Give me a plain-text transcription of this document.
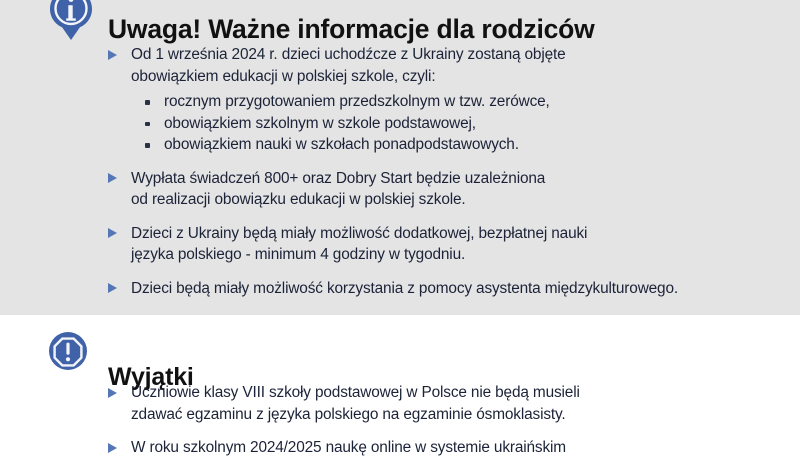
Uwaga! Ważne informacje dla rodziców
Od 1 września 2024 r. dzieci uchodźcze z Ukrainy zostaną objęte
obowiązkiem edukacji w polskiej szkole, czyli:
rocznym przygotowaniem przedszkolnym w tzw. zerówce,
obowiązkiem szkolnym w szkole podstawowej,
obowiązkiem nauki w szkołach ponadpodstawowych.
Wypłata świadczeń 800+ oraz Dobry Start będzie uzależniona
od realizacji obowiązku edukacji w polskiej szkole.
Dzieci z Ukrainy będą miały możliwość dodatkowej, bezpłatnej nauki
języka polskiego - minimum 4 godziny w tygodniu.
Dzieci będą miały możliwość korzystania z pomocy asystenta międzykulturowego.
Wyjątki
Uczniowie klasy VIII szkoły podstawowej w Polsce nie będą musieli
zdawać egzaminu z języka polskiego na egzaminie ósmoklasisty.
W roku szkolnym 2024/2025 naukę online w systemie ukraińskim
